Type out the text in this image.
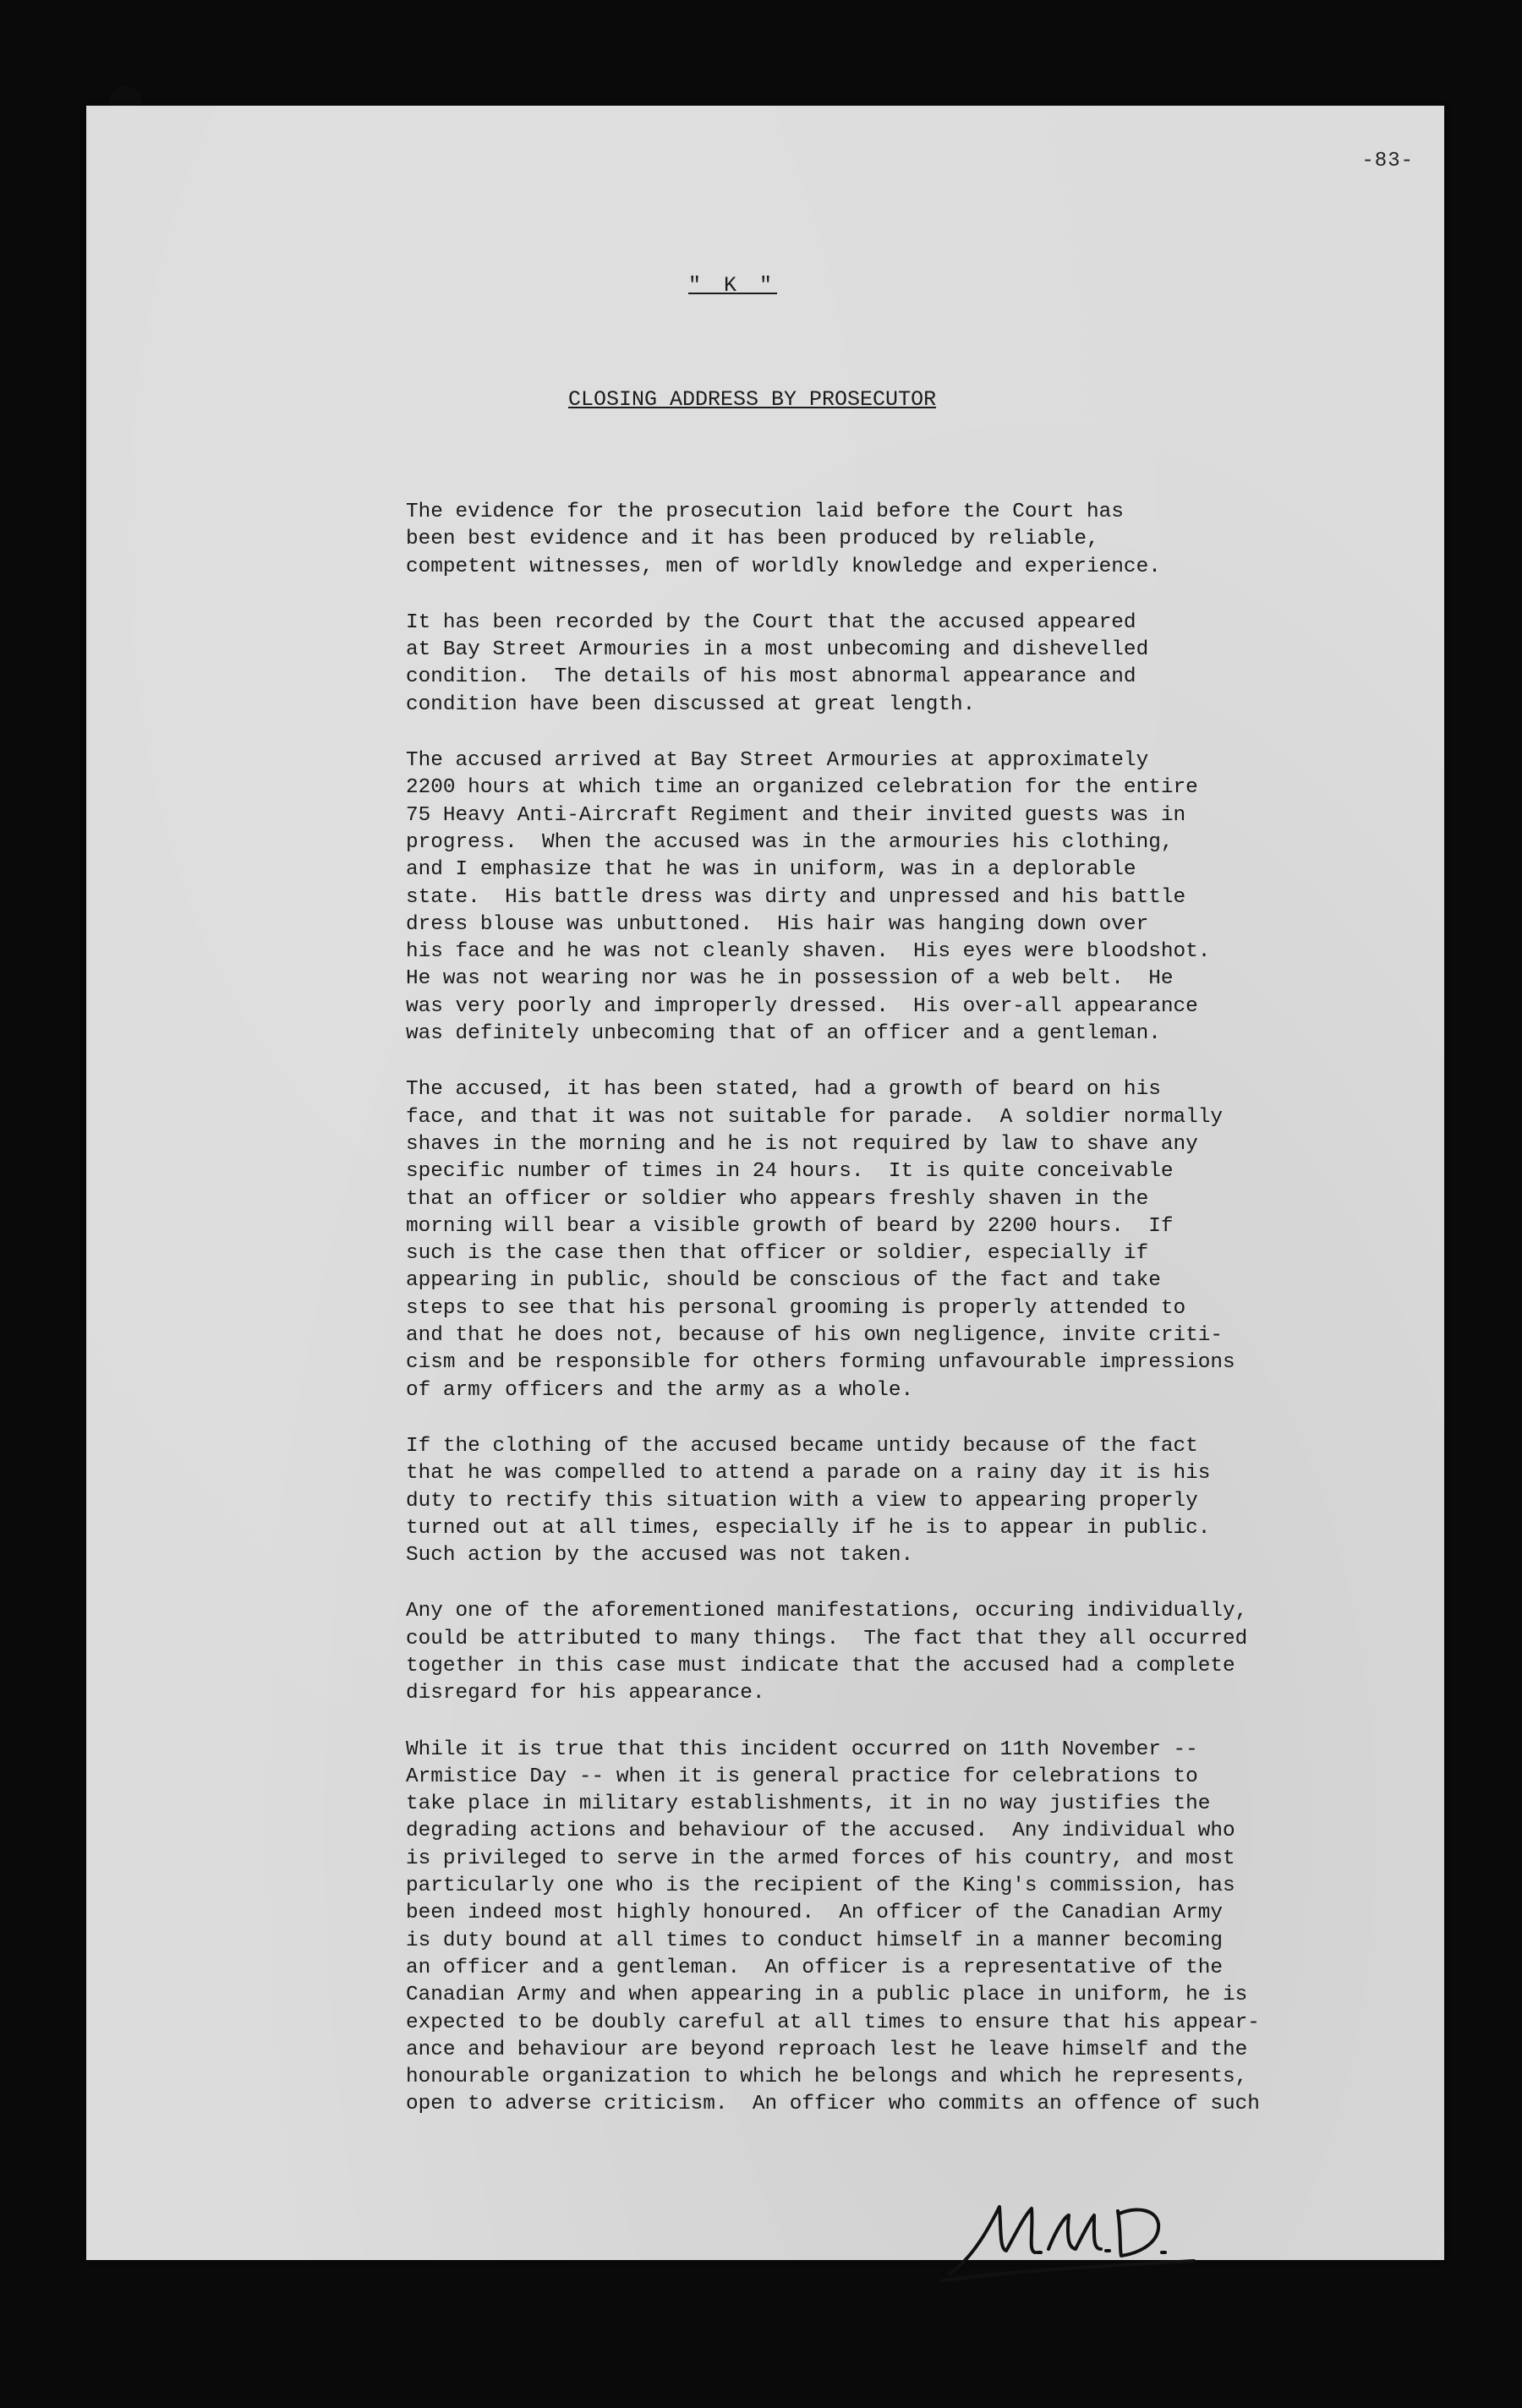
-83-
" K "
CLOSING ADDRESS BY PROSECUTOR

The evidence for the prosecution laid before the Court has
been best evidence and it has been produced by reliable,
competent witnesses, men of worldly knowledge and experience.

It has been recorded by the Court that the accused appeared
at Bay Street Armouries in a most unbecoming and dishevelled
condition.  The details of his most abnormal appearance and
condition have been discussed at great length.

The accused arrived at Bay Street Armouries at approximately
2200 hours at which time an organized celebration for the entire
75 Heavy Anti-Aircraft Regiment and their invited guests was in
progress.  When the accused was in the armouries his clothing,
and I emphasize that he was in uniform, was in a deplorable
state.  His battle dress was dirty and unpressed and his battle
dress blouse was unbuttoned.  His hair was hanging down over
his face and he was not cleanly shaven.  His eyes were bloodshot.
He was not wearing nor was he in possession of a web belt.  He
was very poorly and improperly dressed.  His over-all appearance
was definitely unbecoming that of an officer and a gentleman.

The accused, it has been stated, had a growth of beard on his
face, and that it was not suitable for parade.  A soldier normally
shaves in the morning and he is not required by law to shave any
specific number of times in 24 hours.  It is quite conceivable
that an officer or soldier who appears freshly shaven in the
morning will bear a visible growth of beard by 2200 hours.  If
such is the case then that officer or soldier, especially if
appearing in public, should be conscious of the fact and take
steps to see that his personal grooming is properly attended to
and that he does not, because of his own negligence, invite criti-
cism and be responsible for others forming unfavourable impressions
of army officers and the army as a whole.

If the clothing of the accused became untidy because of the fact
that he was compelled to attend a parade on a rainy day it is his
duty to rectify this situation with a view to appearing properly
turned out at all times, especially if he is to appear in public.
Such action by the accused was not taken.

Any one of the aforementioned manifestations, occuring individually,
could be attributed to many things.  The fact that they all occurred
together in this case must indicate that the accused had a complete
disregard for his appearance.

While it is true that this incident occurred on 11th November --
Armistice Day -- when it is general practice for celebrations to
take place in military establishments, it in no way justifies the
degrading actions and behaviour of the accused.  Any individual who
is privileged to serve in the armed forces of his country, and most
particularly one who is the recipient of the King's commission, has
been indeed most highly honoured.  An officer of the Canadian Army
is duty bound at all times to conduct himself in a manner becoming
an officer and a gentleman.  An officer is a representative of the
Canadian Army and when appearing in a public place in uniform, he is
expected to be doubly careful at all times to ensure that his appear-
ance and behaviour are beyond reproach lest he leave himself and the
honourable organization to which he belongs and which he represents,
open to adverse criticism.  An officer who commits an offence of such
